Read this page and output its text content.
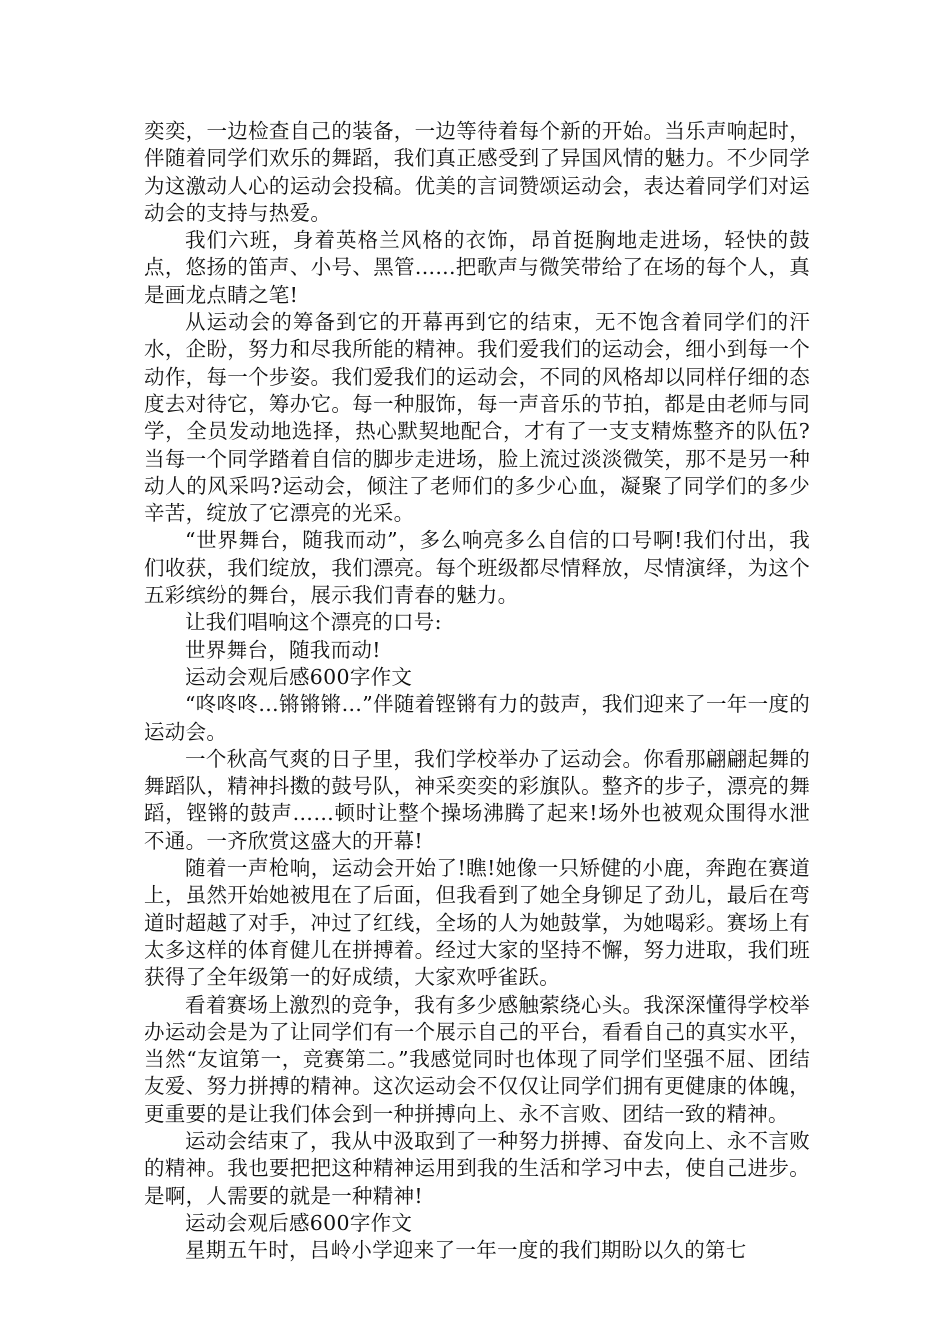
奕奕，一边检查自己的装备，一边等待着每个新的开始。当乐声响起时，伴随着同学们欢乐的舞蹈，我们真正感受到了异国风情的魅力。不少同学为这激动人心的运动会投稿。优美的言词赞颂运动会，表达着同学们对运动会的支持与热爱。

我们六班，身着英格兰风格的衣饰，昂首挺胸地走进场，轻快的鼓点，悠扬的笛声、小号、黑管......把歌声与微笑带给了在场的每个人，真是画龙点睛之笔!

从运动会的筹备到它的开幕再到它的结束，无不饱含着同学们的汗水，企盼，努力和尽我所能的精神。我们爱我们的运动会，细小到每一个动作，每一个步姿。我们爱我们的运动会，不同的风格却以同样仔细的态度去对待它，筹办它。每一种服饰，每一声音乐的节拍，都是由老师与同学，全员发动地选择，热心默契地配合，才有了一支支精炼整齐的队伍?当每一个同学踏着自信的脚步走进场，脸上流过淡淡微笑，那不是另一种动人的风采吗?运动会，倾注了老师们的多少心血，凝聚了同学们的多少辛苦，绽放了它漂亮的光采。

“世界舞台，随我而动”，多么响亮多么自信的口号啊!我们付出，我们收获，我们绽放，我们漂亮。每个班级都尽情释放，尽情演绎，为这个五彩缤纷的舞台，展示我们青春的魅力。

让我们唱响这个漂亮的口号:

世界舞台，随我而动!

运动会观后感600字作文

“咚咚咚…锵锵锵…”伴随着铿锵有力的鼓声，我们迎来了一年一度的运动会。

一个秋高气爽的日子里，我们学校举办了运动会。你看那翩翩起舞的舞蹈队，精神抖擞的鼓号队，神采奕奕的彩旗队。整齐的步子，漂亮的舞蹈，铿锵的鼓声……顿时让整个操场沸腾了起来!场外也被观众围得水泄不通。一齐欣赏这盛大的开幕!

随着一声枪响，运动会开始了!瞧!她像一只矫健的小鹿，奔跑在赛道上，虽然开始她被甩在了后面，但我看到了她全身铆足了劲儿，最后在弯道时超越了对手，冲过了红线，全场的人为她鼓掌，为她喝彩。赛场上有太多这样的体育健儿在拼搏着。经过大家的坚持不懈，努力进取，我们班获得了全年级第一的好成绩，大家欢呼雀跃。

看着赛场上激烈的竞争，我有多少感触萦绕心头。我深深懂得学校举办运动会是为了让同学们有一个展示自己的平台，看看自己的真实水平，当然“友谊第一，竞赛第二。”我感觉同时也体现了同学们坚强不屈、团结友爱、努力拼搏的精神。这次运动会不仅仅让同学们拥有更健康的体魄，更重要的是让我们体会到一种拼搏向上、永不言败、团结一致的精神。

运动会结束了，我从中汲取到了一种努力拼搏、奋发向上、永不言败的精神。我也要把把这种精神运用到我的生活和学习中去，使自己进步。是啊，人需要的就是一种精神!

运动会观后感600字作文

星期五午时，吕岭小学迎来了一年一度的我们期盼以久的第七
